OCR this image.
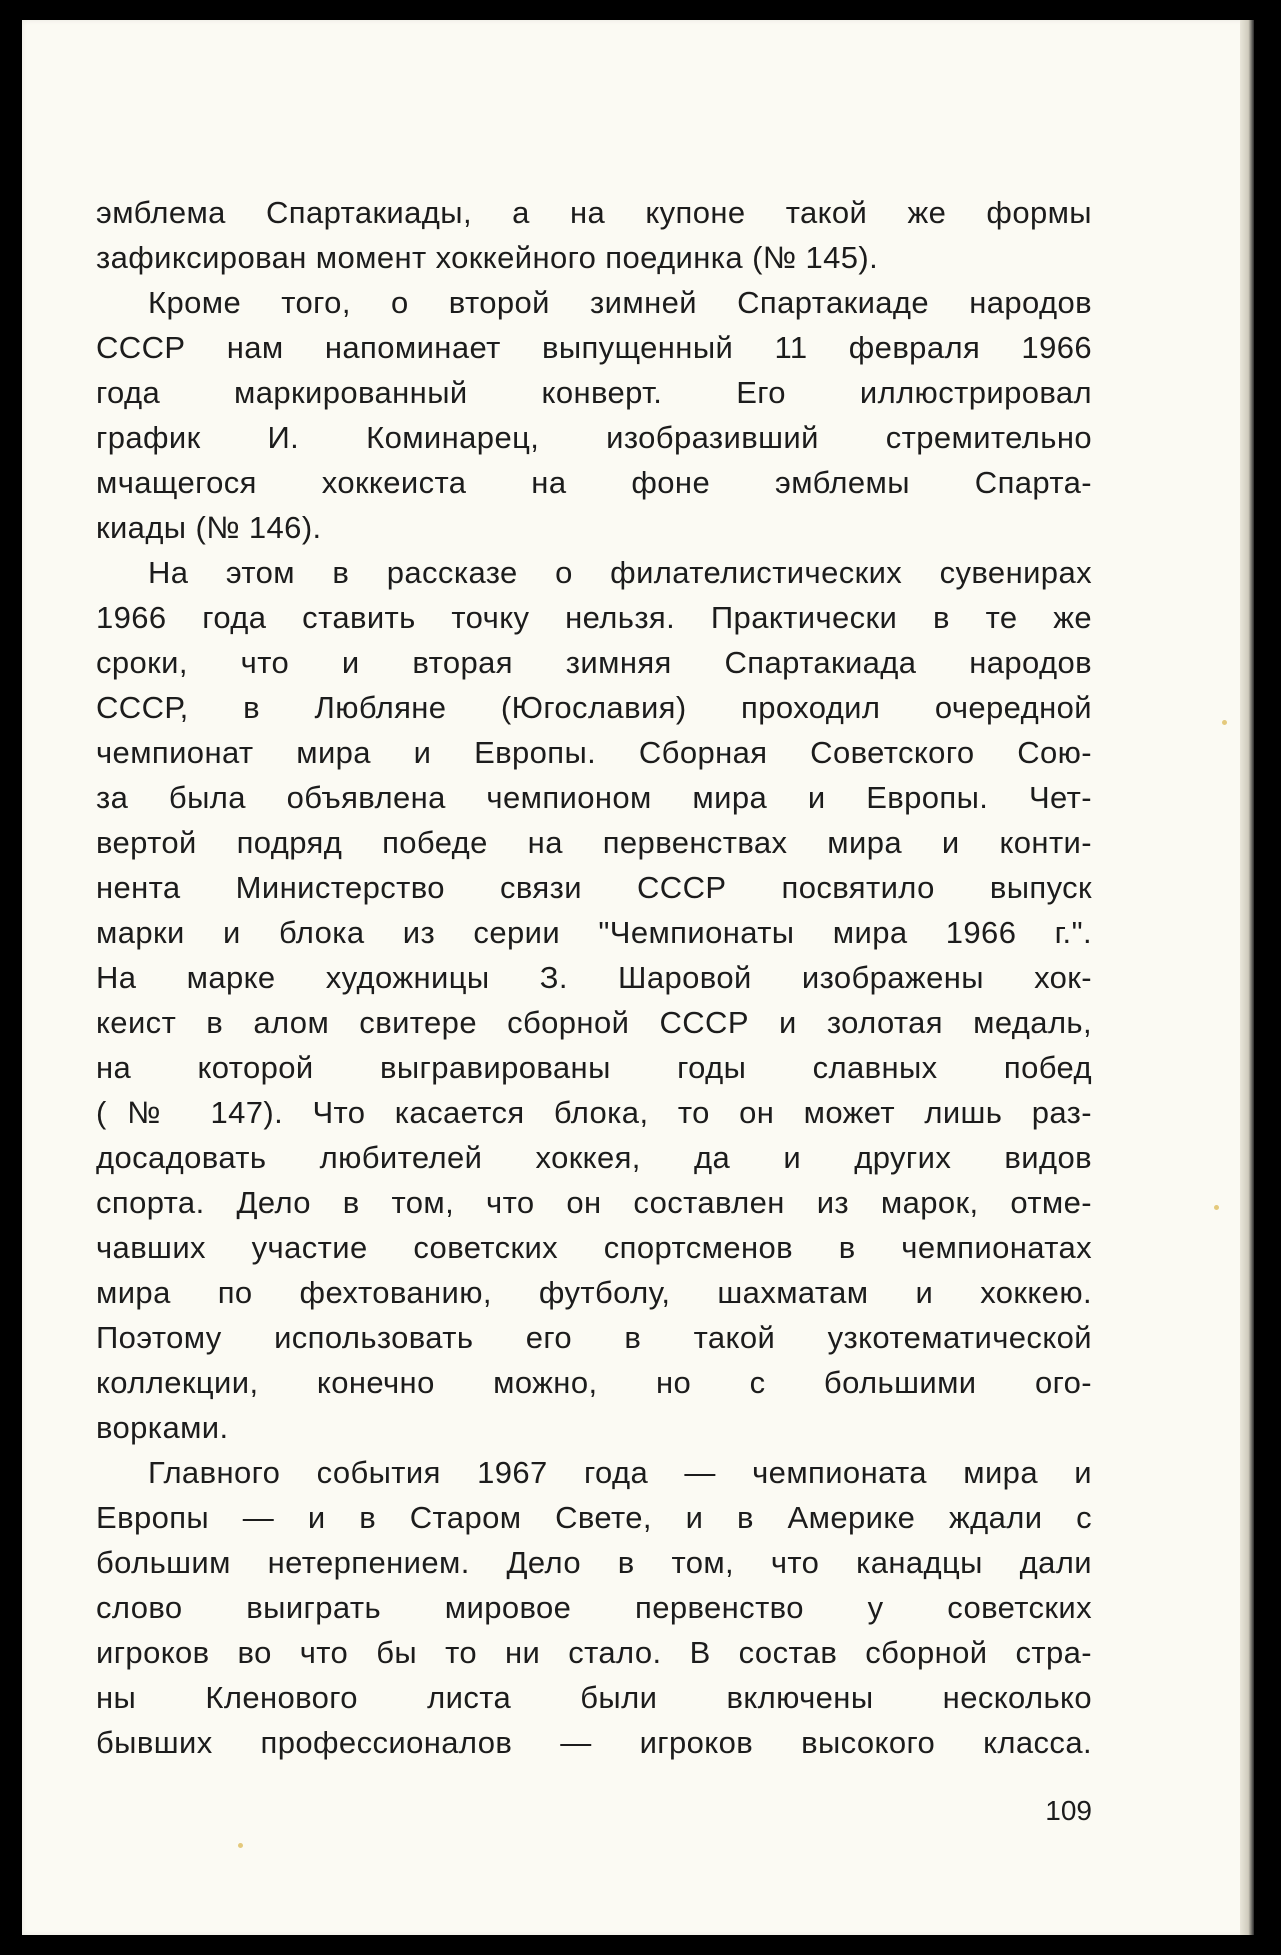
эмблема Спартакиады, а на купоне такой же формы

зафиксирован момент хоккейного поединка (№ 145).

Кроме того, о второй зимней Спартакиаде народов

СССР нам напоминает выпущенный 11 февраля 1966

года маркированный конверт. Его иллюстрировал

график И. Коминарец, изобразивший стремительно

мчащегося хоккеиста на фоне эмблемы Спарта-

киады (№ 146).

На этом в рассказе о филателистических сувенирах

1966 года ставить точку нельзя. Практически в те же

сроки, что и вторая зимняя Спартакиада народов

СССР, в Любляне (Югославия) проходил очередной

чемпионат мира и Европы. Сборная Советского Сою-

за была объявлена чемпионом мира и Европы. Чет-

вертой подряд победе на первенствах мира и конти-

нента Министерство связи СССР посвятило выпуск

марки и блока из серии "Чемпионаты мира 1966 г.".

На марке художницы З. Шаровой изображены хок-

кеист в алом свитере сборной СССР и золотая медаль,

на которой выгравированы годы славных побед

(№ 147). Что касается блока, то он может лишь раз-

досадовать любителей хоккея, да и других видов

спорта. Дело в том, что он составлен из марок, отме-

чавших участие советских спортсменов в чемпионатах

мира по фехтованию, футболу, шахматам и хоккею.

Поэтому использовать его в такой узкотематической

коллекции, конечно можно, но с большими ого-

ворками.

Главного события 1967 года — чемпионата мира и

Европы — и в Старом Свете, и в Америке ждали с

большим нетерпением. Дело в том, что канадцы дали

слово выиграть мировое первенство у советских

игроков во что бы то ни стало. В состав сборной стра-

ны Кленового листа были включены несколько

бывших профессионалов — игроков высокого класса.

109
